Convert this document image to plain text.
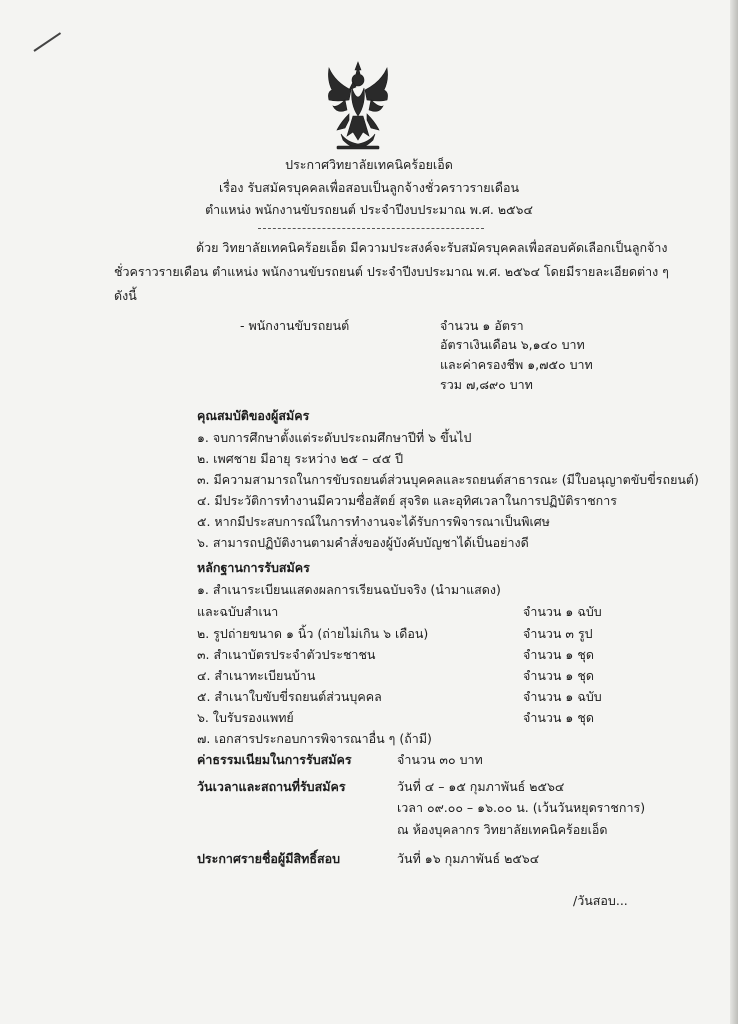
ประกาศวิทยาลัยเทคนิคร้อยเอ็ด
เรื่อง รับสมัครบุคคลเพื่อสอบเป็นลูกจ้างชั่วคราวรายเดือน
ตำแหน่ง พนักงานขับรถยนต์ ประจำปีงบประมาณ พ.ศ. ๒๕๖๔
ด้วย วิทยาลัยเทคนิคร้อยเอ็ด มีความประสงค์จะรับสมัครบุคคลเพื่อสอบคัดเลือกเป็นลูกจ้าง
ชั่วคราวรายเดือน ตำแหน่ง พนักงานขับรถยนต์ ประจำปีงบประมาณ พ.ศ. ๒๕๖๔ โดยมีรายละเอียดต่าง ๆ
ดังนี้
- พนักงานขับรถยนต์	จำนวน ๑ อัตรา
อัตราเงินเดือน ๖,๑๔๐ บาท
และค่าครองชีพ ๑,๗๕๐ บาท
รวม ๗,๘๙๐ บาท
คุณสมบัติของผู้สมัคร
๑. จบการศึกษาตั้งแต่ระดับประถมศึกษาปีที่ ๖ ขึ้นไป
๒. เพศชาย มีอายุ ระหว่าง ๒๕ – ๔๕ ปี
๓. มีความสามารถในการขับรถยนต์ส่วนบุคคลและรถยนต์สาธารณะ (มีใบอนุญาตขับขี่รถยนต์)
๔. มีประวัติการทำงานมีความซื่อสัตย์ สุจริต และอุทิศเวลาในการปฏิบัติราชการ
๕. หากมีประสบการณ์ในการทำงานจะได้รับการพิจารณาเป็นพิเศษ
๖. สามารถปฏิบัติงานตามคำสั่งของผู้บังคับบัญชาได้เป็นอย่างดี
หลักฐานการรับสมัคร
๑. สำเนาระเบียนแสดงผลการเรียนฉบับจริง (นำมาแสดง)
และฉบับสำเนา	จำนวน ๑ ฉบับ
๒. รูปถ่ายขนาด ๑ นิ้ว (ถ่ายไม่เกิน ๖ เดือน)	จำนวน ๓ รูป
๓. สำเนาบัตรประจำตัวประชาชน	จำนวน ๑ ชุด
๔. สำเนาทะเบียนบ้าน	จำนวน ๑ ชุด
๕. สำเนาใบขับขี่รถยนต์ส่วนบุคคล	จำนวน ๑ ฉบับ
๖. ใบรับรองแพทย์	จำนวน ๑ ชุด
๗. เอกสารประกอบการพิจารณาอื่น ๆ (ถ้ามี)
ค่าธรรมเนียมในการรับสมัคร	จำนวน ๓๐ บาท
วันเวลาและสถานที่รับสมัคร	วันที่ ๔ – ๑๕ กุมภาพันธ์ ๒๕๖๔
เวลา ๐๙.๐๐ – ๑๖.๐๐ น. (เว้นวันหยุดราชการ)
ณ ห้องบุคลากร วิทยาลัยเทคนิคร้อยเอ็ด
ประกาศรายชื่อผู้มีสิทธิ์สอบ	วันที่ ๑๖ กุมภาพันธ์ ๒๕๖๔
/วันสอบ...
